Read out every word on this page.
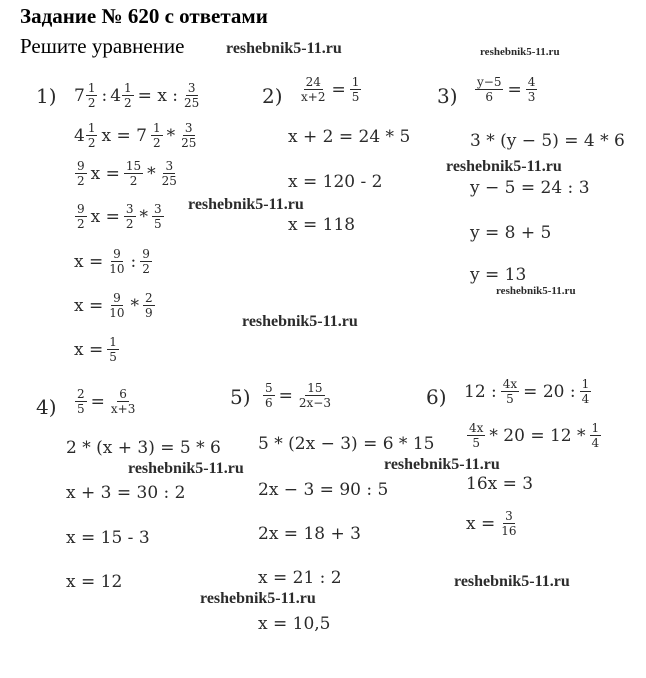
Задание № 620 с ответами
Решите уравнение
1) $7 \frac{1}{2}$ : $4 \frac{1}{2} = x$ : $\frac{3}{25}$
$4 \frac{1}{2}$ $x = 7 \frac{1}{2} * \frac{3}{25}$
$\frac{9}{2}$ $x = \frac{15}{2} * \frac{3}{25}$
$\frac{9}{2}$ $x = \frac{3}{2} * \frac{3}{5}$
$x = \frac{9}{10}$ : $\frac{9}{2}$
$x = \frac{9}{10} * \frac{2}{9}$
$x = \frac{1}{5}$
$2) \frac{24}{x+2} = \frac{1}{5}$
x + 2 = 24 * 5
x = 120 - 2
x = 118
$3) \frac{y-5}{6} = \frac{4}{3}$
3 * (y − 5) = 4 * 6
y − 5 = 24 : 3
y = 8 + 5
y = 13
$4) \frac{2}{5} = \frac{6}{x+3}$
2 * (x + 3) = 5 * 6
x + 3 = 30 : 2
x = 15 - 3
x = 12
$5) \frac{5}{6} = \frac{15}{2x-3}$
5 * (2x − 3) = 6 * 15
2x − 3 = 90 : 5
2x = 18 + 3
x = 21 : 2
x = 10,5
6) 12 : $\frac{4x}{5} = 20$ : $\frac{1}{4}$
$\frac{4x}{5} * 20 = 12 * \frac{1}{4}$
16x = 3
$x = \frac{3}{16}$
reshebnik5-11.ru	reshebnik5-11.ru
reshebnik5-11.ru
reshebnik5-11.ru
reshebnik5-11.ru
reshebnik5-11.ru
reshebnik5-11.ru	reshebnik5-11.ru
reshebnik5-11.ru
reshebnik5-11.ru
